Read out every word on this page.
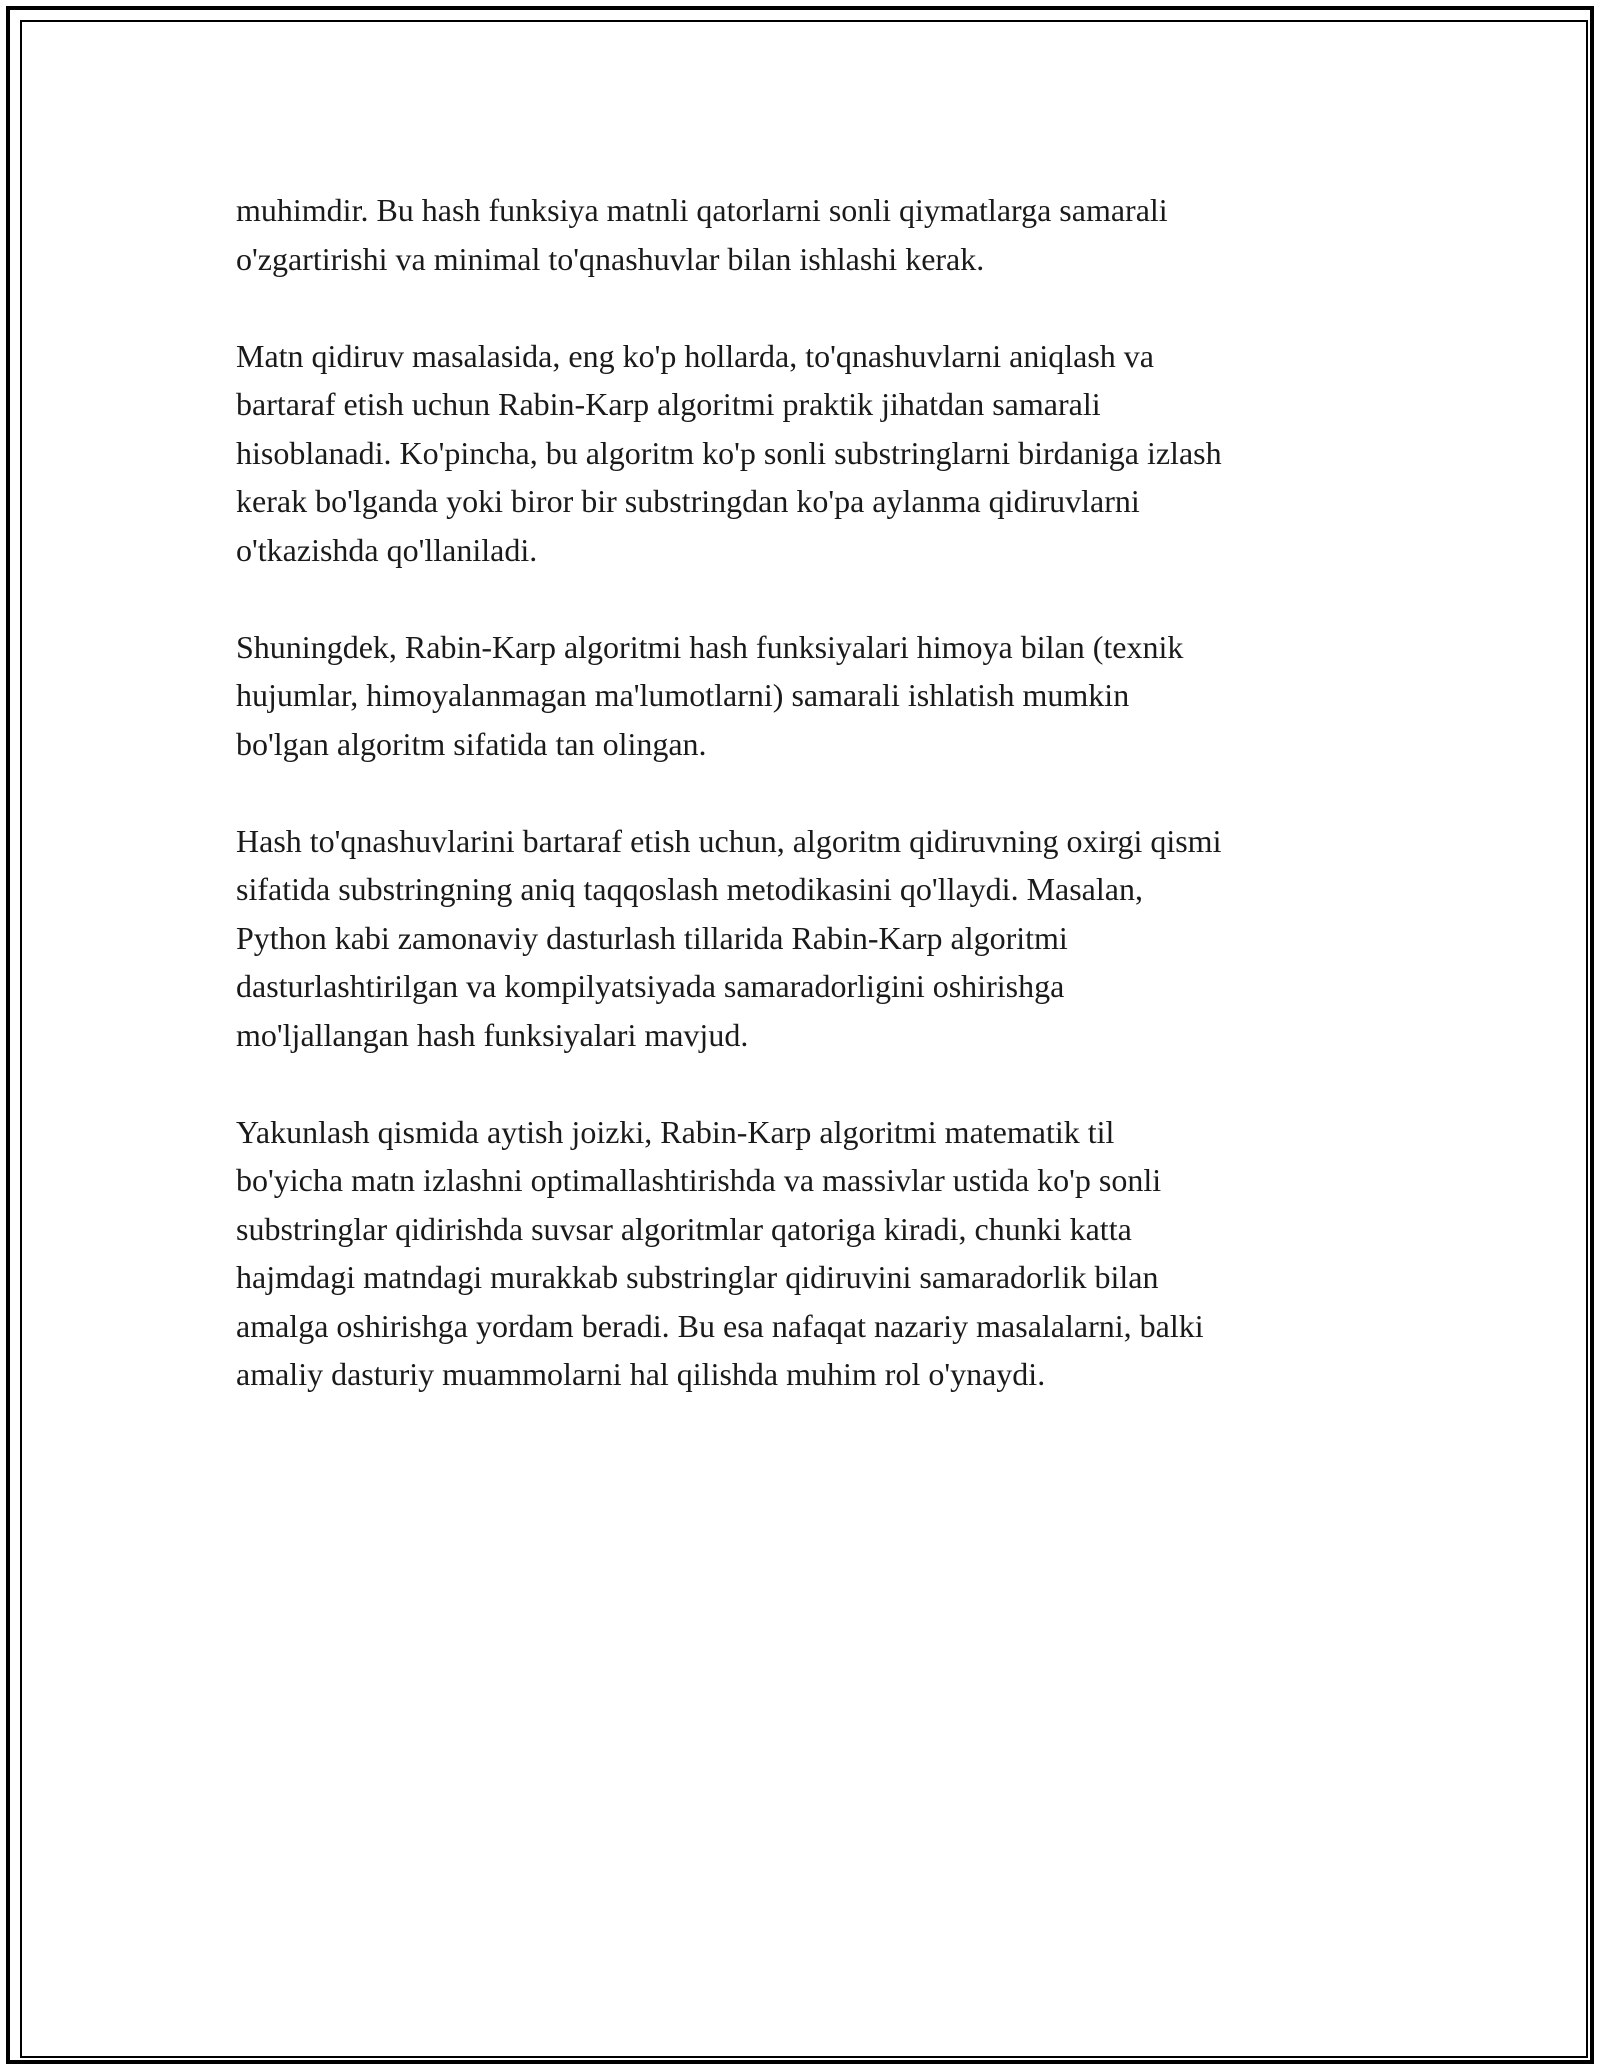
muhimdir. Bu hash funksiya matnli qatorlarni sonli qiymatlarga samarali
o'zgartirishi va minimal to'qnashuvlar bilan ishlashi kerak.

Matn qidiruv masalasida, eng ko'p hollarda, to'qnashuvlarni aniqlash va
bartaraf etish uchun Rabin-Karp algoritmi praktik jihatdan samarali
hisoblanadi. Ko'pincha, bu algoritm ko'p sonli substringlarni birdaniga izlash
kerak bo'lganda yoki biror bir substringdan ko'pa aylanma qidiruvlarni
o'tkazishda qo'llaniladi.

Shuningdek, Rabin-Karp algoritmi hash funksiyalari himoya bilan (texnik
hujumlar, himoyalanmagan ma'lumotlarni) samarali ishlatish mumkin
bo'lgan algoritm sifatida tan olingan.

Hash to'qnashuvlarini bartaraf etish uchun, algoritm qidiruvning oxirgi qismi
sifatida substringning aniq taqqoslash metodikasini qo'llaydi. Masalan,
Python kabi zamonaviy dasturlash tillarida Rabin-Karp algoritmi
dasturlashtirilgan va kompilyatsiyada samaradorligini oshirishga
mo'ljallangan hash funksiyalari mavjud.

Yakunlash qismida aytish joizki, Rabin-Karp algoritmi matematik til
bo'yicha matn izlashni optimallashtirishda va massivlar ustida ko'p sonli
substringlar qidirishda suvsar algoritmlar qatoriga kiradi, chunki katta
hajmdagi matndagi murakkab substringlar qidiruvini samaradorlik bilan
amalga oshirishga yordam beradi. Bu esa nafaqat nazariy masalalarni, balki
amaliy dasturiy muammolarni hal qilishda muhim rol o'ynaydi.
